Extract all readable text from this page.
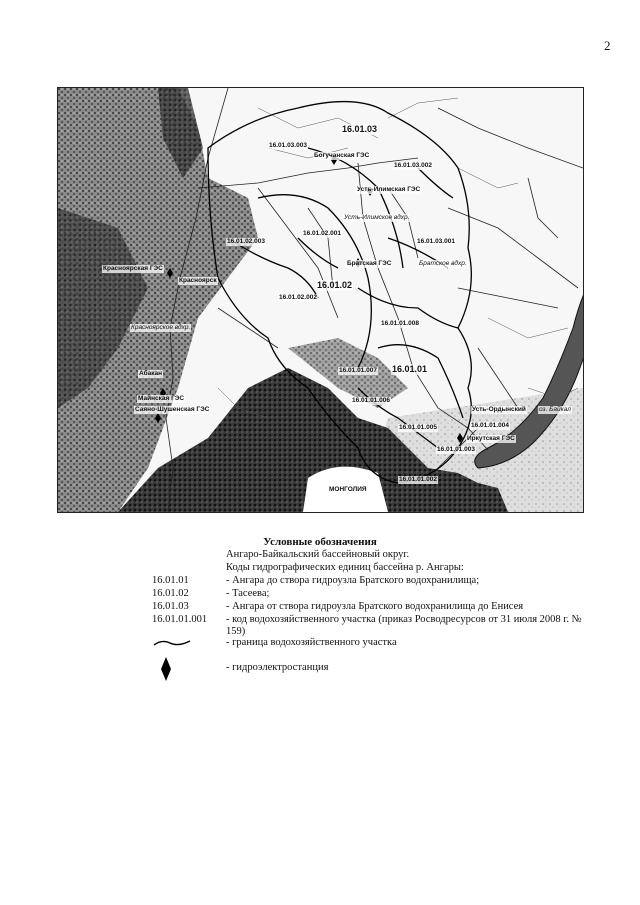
2
16.01.03
16.01.03.003
Богучанская ГЭС
16.01.03.002
Усть-Илимская ГЭС
Усть-Илимское вдхр.
16.01.02.001
16.01.02.003	16.01.03.001
Братская ГЭС	Братское вдхр.
Красноярская ГЭС
Красноярск	16.01.02
16.01.02.002
16.01.01.008
Красноярское вдхр.
16.01.01.007 16.01.01
Абакан
Майнская ГЭС	16.01.01.006
Саяно-Шушенская ГЭС	Усть-Ордынский
16.01.01.004
16.01.01.005
Иркутская ГЭС
16.01.01.003
оз. Байкал
16.01.01.002
МОНГОЛИЯ
Условные обозначения
Ангаро-Байкальский бассейновый округ.
Коды гидрографических единиц бассейна р. Ангары:
16.01.01	- Ангара до створа гидроузла Братского водохранилища;
16.01.02	- Тасеева;
16.01.03	- Ангара от створа гидроузла Братского водохранилища до Енисея
16.01.01.001 - код водохозяйственного участка (приказ Росводресурсов от 31 июля 2008 г. № 159)
- граница водохозяйственного участка
- гидроэлектростанция
